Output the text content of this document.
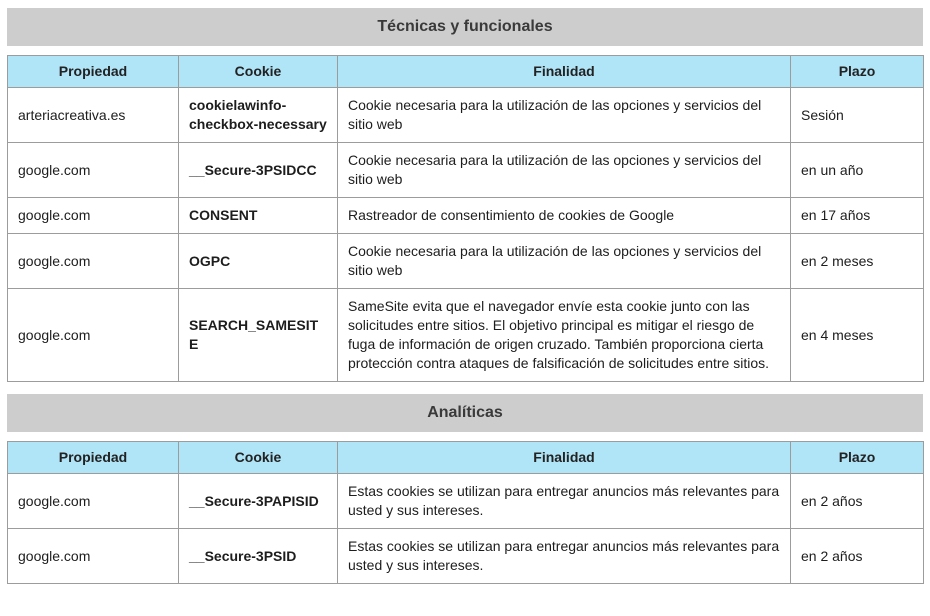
Técnicas y funcionales
Propiedad	Cookie	Finalidad	Plazo
arteriacreativa.es	cookielawinfo-checkbox-necessary	Cookie necesaria para la utilización de las opciones y servicios del sitio web	Sesión
google.com	__Secure-3PSIDCC	Cookie necesaria para la utilización de las opciones y servicios del sitio web	en un año
google.com	CONSENT	Rastreador de consentimiento de cookies de Google	en 17 años
google.com	OGPC	Cookie necesaria para la utilización de las opciones y servicios del sitio web	en 2 meses
google.com	SEARCH_SAMESITE	SameSite evita que el navegador envíe esta cookie junto con las solicitudes entre sitios. El objetivo principal es mitigar el riesgo de fuga de información de origen cruzado. También proporciona cierta protección contra ataques de falsificación de solicitudes entre sitios.	en 4 meses
Analíticas
Propiedad	Cookie	Finalidad	Plazo
google.com	__Secure-3PAPISID	Estas cookies se utilizan para entregar anuncios más relevantes para usted y sus intereses.	en 2 años
google.com	__Secure-3PSID	Estas cookies se utilizan para entregar anuncios más relevantes para usted y sus intereses.	en 2 años
